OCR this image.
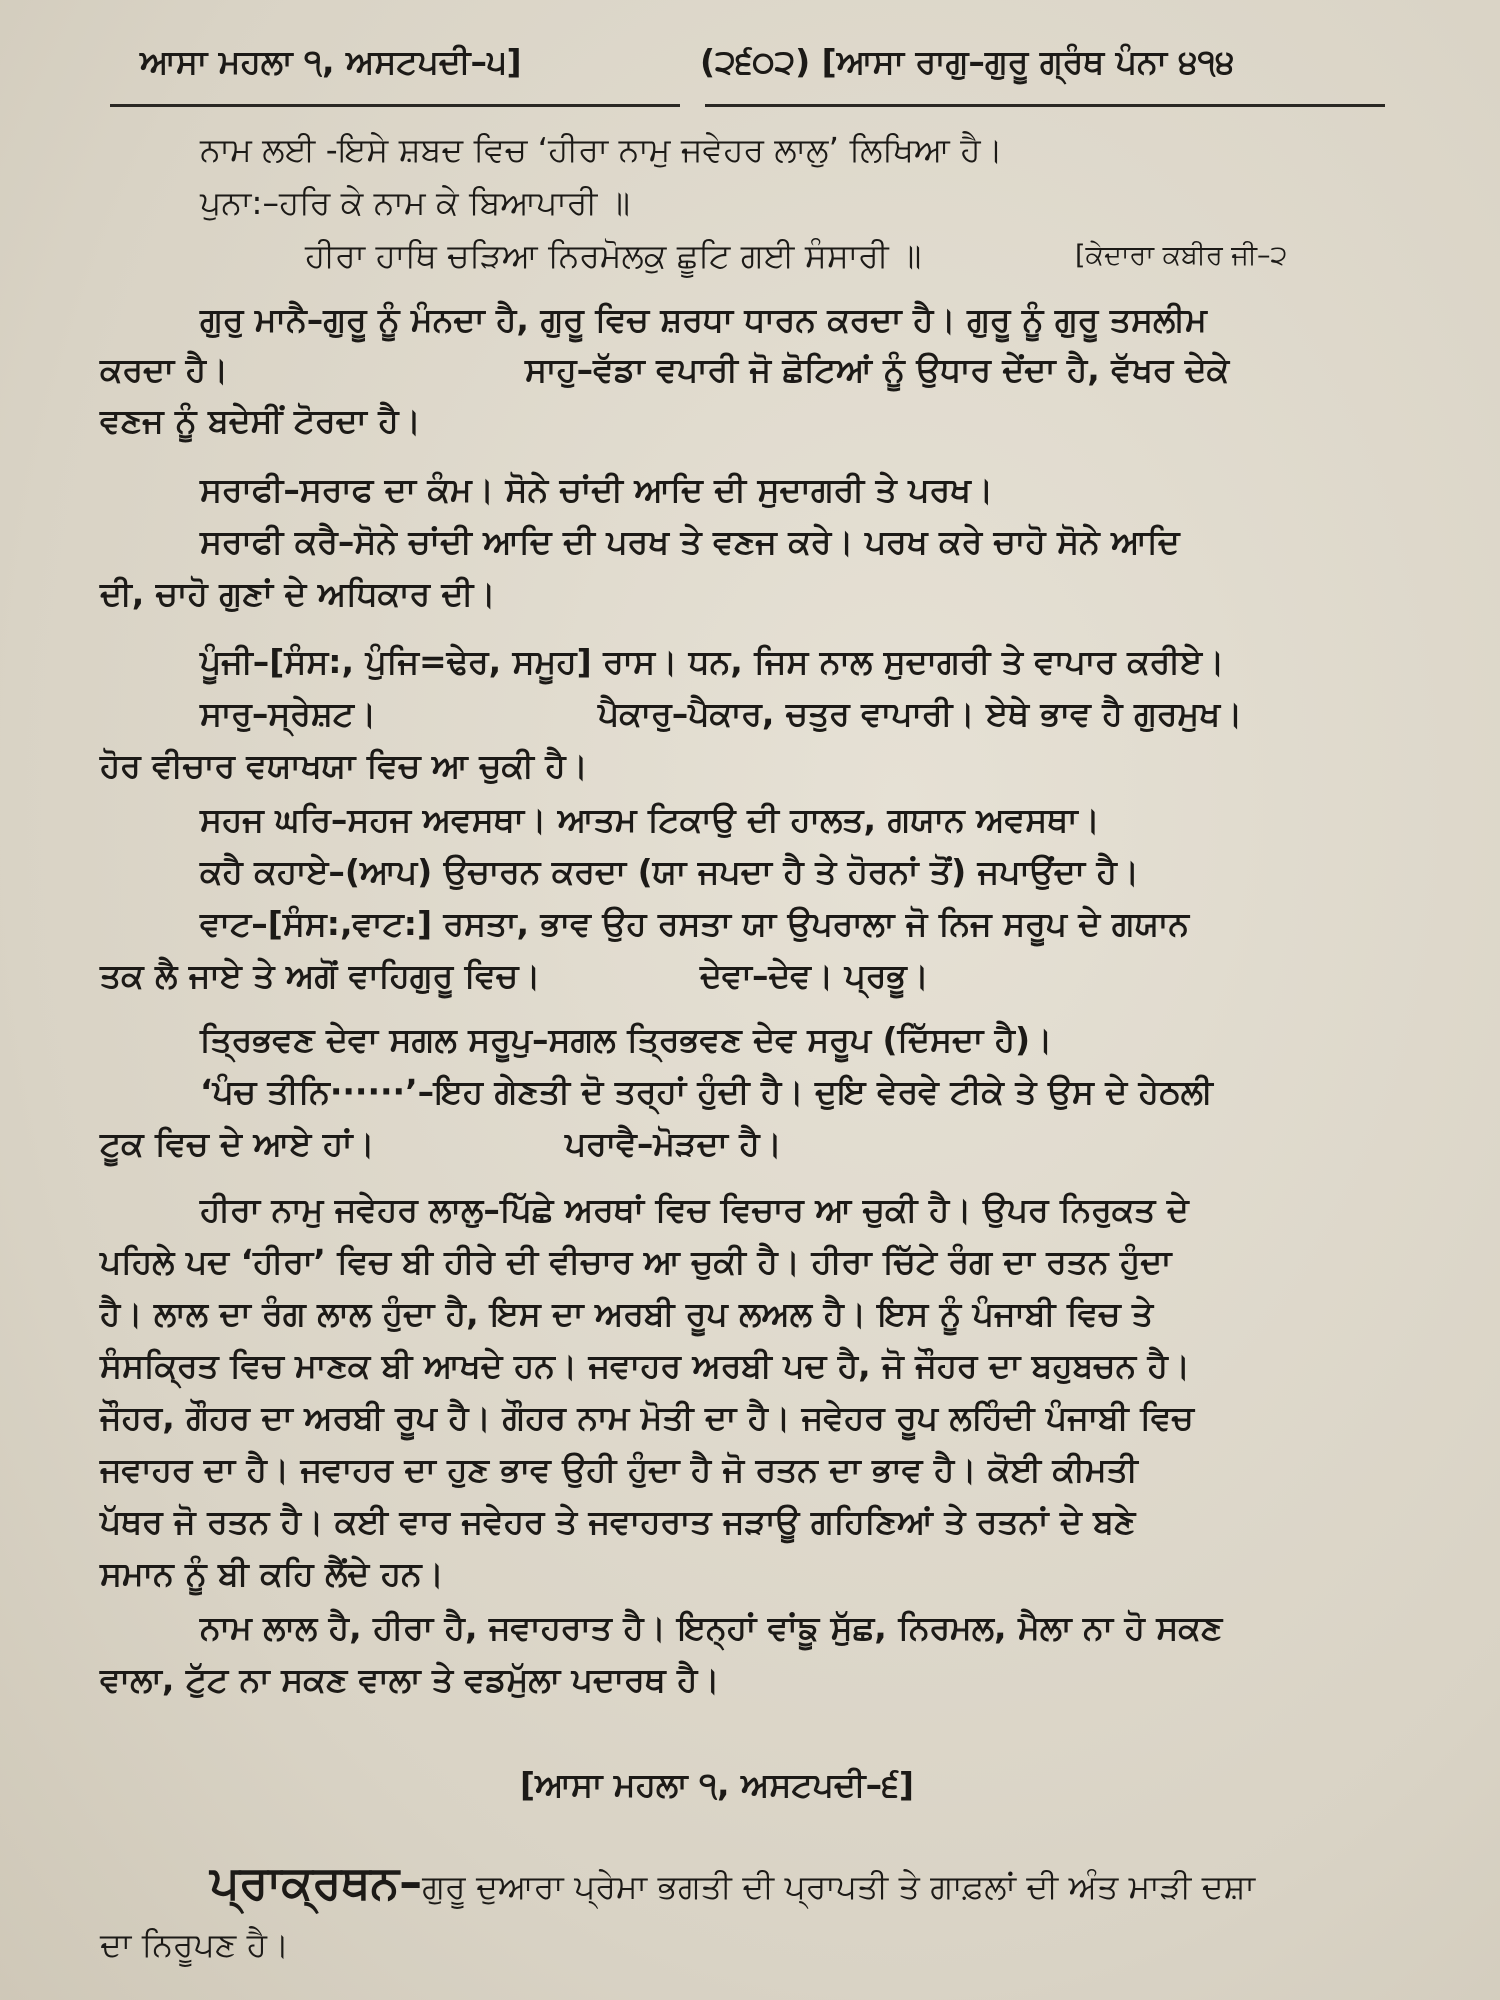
ਆਸਾ ਮਹਲਾ ੧, ਅਸਟਪਦੀ–੫]	(੨੬੦੨) [ਆਸਾ ਰਾਗੁ–ਗੁਰੂ ਗ੍ਰੰਥ ਪੰਨਾ ੪੧੪
ਨਾਮ ਲਈ -ਇਸੇ ਸ਼ਬਦ ਵਿਚ ‘ਹੀਰਾ ਨਾਮੁ ਜਵੇਹਰ ਲਾਲੁ’ ਲਿਖਿਆ ਹੈ।
ਪੁਨਾ:–ਹਰਿ ਕੇ ਨਾਮ ਕੇ ਬਿਆਪਾਰੀ ॥
ਹੀਰਾ ਹਾਥਿ ਚੜਿਆ ਨਿਰਮੋਲਕੁ ਛੂਟਿ ਗਈ ਸੰਸਾਰੀ ॥	[ਕੇਦਾਰਾ ਕਬੀਰ ਜੀ–੨
ਗੁਰੁ ਮਾਨੈ–ਗੁਰੂ ਨੂੰ ਮੰਨਦਾ ਹੈ, ਗੁਰੂ ਵਿਚ ਸ਼ਰਧਾ ਧਾਰਨ ਕਰਦਾ ਹੈ। ਗੁਰੂ ਨੂੰ ਗੁਰੂ ਤਸਲੀਮ
ਕਰਦਾ ਹੈ।	ਸਾਹੁ–ਵੱਡਾ ਵਪਾਰੀ ਜੋ ਛੋਟਿਆਂ ਨੂੰ ਉਧਾਰ ਦੇਂਦਾ ਹੈ, ਵੱਖਰ ਦੇਕੇ
ਵਣਜ ਨੂੰ ਬਦੇਸੀਂ ਟੋਰਦਾ ਹੈ।
ਸਰਾਫੀ–ਸਰਾਫ ਦਾ ਕੰਮ। ਸੋਨੇ ਚਾਂਦੀ ਆਦਿ ਦੀ ਸੁਦਾਗਰੀ ਤੇ ਪਰਖ।
ਸਰਾਫੀ ਕਰੈ–ਸੋਨੇ ਚਾਂਦੀ ਆਦਿ ਦੀ ਪਰਖ ਤੇ ਵਣਜ ਕਰੇ। ਪਰਖ ਕਰੇ ਚਾਹੋ ਸੋਨੇ ਆਦਿ
ਦੀ, ਚਾਹੋ ਗੁਣਾਂ ਦੇ ਅਧਿਕਾਰ ਦੀ।
ਪੂੰਜੀ–[ਸੰਸ:, ਪੁੰਜਿ=ਢੇਰ, ਸਮੂਹ] ਰਾਸ। ਧਨ, ਜਿਸ ਨਾਲ ਸੁਦਾਗਰੀ ਤੇ ਵਾਪਾਰ ਕਰੀਏ।
ਸਾਰੁ–ਸ੍ਰੇਸ਼ਟ।	ਪੈਕਾਰੁ–ਪੈਕਾਰ, ਚਤੁਰ ਵਾਪਾਰੀ। ਏਥੇ ਭਾਵ ਹੈ ਗੁਰਮੁਖ।
ਹੋਰ ਵੀਚਾਰ ਵਯਾਖਯਾ ਵਿਚ ਆ ਚੁਕੀ ਹੈ।
ਸਹਜ ਘਰਿ–ਸਹਜ ਅਵਸਥਾ। ਆਤਮ ਟਿਕਾਉ ਦੀ ਹਾਲਤ, ਗਯਾਨ ਅਵਸਥਾ।
ਕਹੈ ਕਹਾਏ–(ਆਪ) ਉਚਾਰਨ ਕਰਦਾ (ਯਾ ਜਪਦਾ ਹੈ ਤੇ ਹੋਰਨਾਂ ਤੋਂ) ਜਪਾਉਂਦਾ ਹੈ।
ਵਾਟ–[ਸੰਸ:,ਵਾਟ:] ਰਸਤਾ, ਭਾਵ ਉਹ ਰਸਤਾ ਯਾ ਉਪਰਾਲਾ ਜੋ ਨਿਜ ਸਰੂਪ ਦੇ ਗਯਾਨ
ਤਕ ਲੈ ਜਾਏ ਤੇ ਅਗੋਂ ਵਾਹਿਗੁਰੂ ਵਿਚ।	ਦੇਵਾ–ਦੇਵ। ਪ੍ਰਭੂ।
ਤ੍ਰਿਭਵਣ ਦੇਵਾ ਸਗਲ ਸਰੂਪੁ–ਸਗਲ ਤ੍ਰਿਭਵਣ ਦੇਵ ਸਰੂਪ (ਦਿੱਸਦਾ ਹੈ)।
‘ਪੰਚ ਤੀਨਿ······’–ਇਹ ਗੇਣਤੀ ਦੋ ਤਰ੍ਹਾਂ ਹੁੰਦੀ ਹੈ। ਦੁਇ ਵੇਰਵੇ ਟੀਕੇ ਤੇ ਉਸ ਦੇ ਹੇਠਲੀ
ਟੂਕ ਵਿਚ ਦੇ ਆਏ ਹਾਂ।	ਪਰਾਵੈ–ਮੋੜਦਾ ਹੈ।
ਹੀਰਾ ਨਾਮੁ ਜਵੇਹਰ ਲਾਲੁ–ਪਿੱਛੇ ਅਰਥਾਂ ਵਿਚ ਵਿਚਾਰ ਆ ਚੁਕੀ ਹੈ। ਉਪਰ ਨਿਰੁਕਤ ਦੇ
ਪਹਿਲੇ ਪਦ ‘ਹੀਰਾ’ ਵਿਚ ਬੀ ਹੀਰੇ ਦੀ ਵੀਚਾਰ ਆ ਚੁਕੀ ਹੈ। ਹੀਰਾ ਚਿੱਟੇ ਰੰਗ ਦਾ ਰਤਨ ਹੁੰਦਾ
ਹੈ। ਲਾਲ ਦਾ ਰੰਗ ਲਾਲ ਹੁੰਦਾ ਹੈ, ਇਸ ਦਾ ਅਰਬੀ ਰੂਪ ਲਅਲ ਹੈ। ਇਸ ਨੂੰ ਪੰਜਾਬੀ ਵਿਚ ਤੇ
ਸੰਸਕ੍ਰਿਤ ਵਿਚ ਮਾਣਕ ਬੀ ਆਖਦੇ ਹਨ। ਜਵਾਹਰ ਅਰਬੀ ਪਦ ਹੈ, ਜੋ ਜੌਹਰ ਦਾ ਬਹੁਬਚਨ ਹੈ।
ਜੌਹਰ, ਗੌਹਰ ਦਾ ਅਰਬੀ ਰੂਪ ਹੈ। ਗੌਹਰ ਨਾਮ ਮੋਤੀ ਦਾ ਹੈ। ਜਵੇਹਰ ਰੂਪ ਲਹਿੰਦੀ ਪੰਜਾਬੀ ਵਿਚ
ਜਵਾਹਰ ਦਾ ਹੈ। ਜਵਾਹਰ ਦਾ ਹੁਣ ਭਾਵ ਉਹੀ ਹੁੰਦਾ ਹੈ ਜੋ ਰਤਨ ਦਾ ਭਾਵ ਹੈ। ਕੋਈ ਕੀਮਤੀ
ਪੱਥਰ ਜੋ ਰਤਨ ਹੈ। ਕਈ ਵਾਰ ਜਵੇਹਰ ਤੇ ਜਵਾਹਰਾਤ ਜੜਾਊ ਗਹਿਣਿਆਂ ਤੇ ਰਤਨਾਂ ਦੇ ਬਣੇ
ਸਮਾਨ ਨੂੰ ਬੀ ਕਹਿ ਲੈਂਦੇ ਹਨ।
ਨਾਮ ਲਾਲ ਹੈ, ਹੀਰਾ ਹੈ, ਜਵਾਹਰਾਤ ਹੈ। ਇਨ੍ਹਾਂ ਵਾਂਙੂ ਸੁੱਛ, ਨਿਰਮਲ, ਮੈਲਾ ਨਾ ਹੋ ਸਕਣ
ਵਾਲਾ, ਟੁੱਟ ਨਾ ਸਕਣ ਵਾਲਾ ਤੇ ਵਡਮੁੱਲਾ ਪਦਾਰਥ ਹੈ।
[ਆਸਾ ਮਹਲਾ ੧, ਅਸਟਪਦੀ–੬]
ਪ੍ਰਾਕ੍ਰਥਨ–ਗੁਰੂ ਦੁਆਰਾ ਪ੍ਰੇਮਾ ਭਗਤੀ ਦੀ ਪ੍ਰਾਪਤੀ ਤੇ ਗਾਫ਼ਲਾਂ ਦੀ ਅੰਤ ਮਾੜੀ ਦਸ਼ਾ
ਦਾ ਨਿਰੂਪਣ ਹੈ।
